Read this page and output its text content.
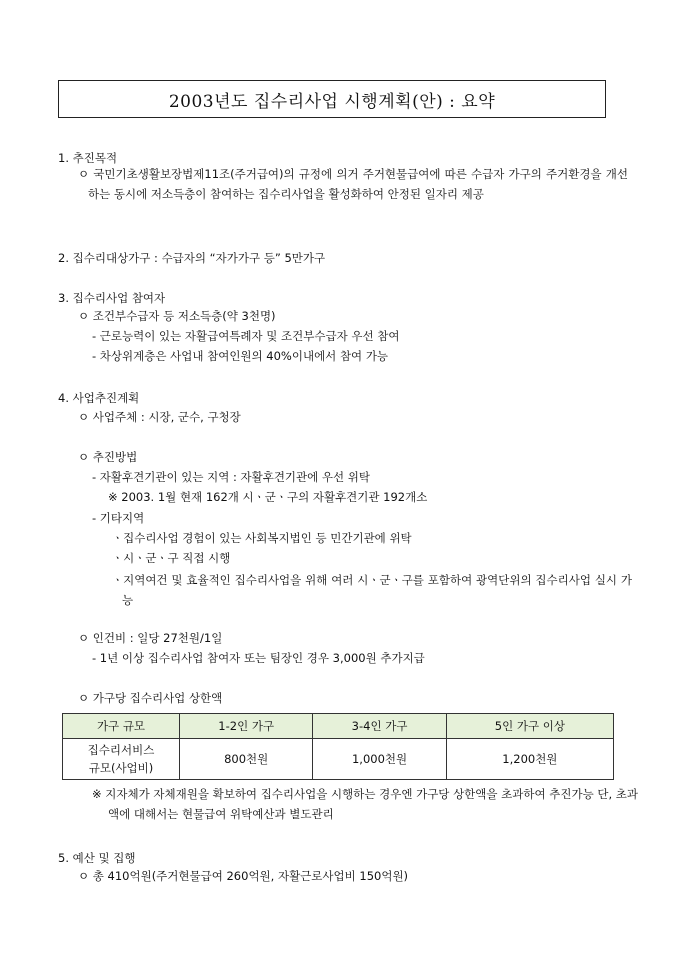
2003년도 집수리사업 시행계획(안) : 요약
1. 추진목적
ㅇ 국민기초생활보장법제11조(주거급여)의 규정에 의거 주거현물급여에 따른 수급자 가구의 주거환경을 개선하는 동시에 저소득층이 참여하는 집수리사업을 활성화하여 안정된 일자리 제공
2. 집수리대상가구 : 수급자의 “자가가구 등” 5만가구
3. 집수리사업 참여자
ㅇ 조건부수급자 등 저소득층(약 3천명)
- 근로능력이 있는 자활급여특례자 및 조건부수급자 우선 참여
- 차상위계층은 사업내 참여인원의 40%이내에서 참여 가능
4. 사업추진계획
ㅇ 사업주체 : 시장, 군수, 구청장
ㅇ 추진방법
- 자활후견기관이 있는 지역 : 자활후견기관에 우선 위탁
※ 2003. 1월 현재 162개 시ㆍ군ㆍ구의 자활후견기관 192개소
- 기타지역
ㆍ집수리사업 경험이 있는 사회복지법인 등 민간기관에 위탁
ㆍ시ㆍ군ㆍ구 직접 시행
ㆍ지역여건 및 효율적인 집수리사업을 위해 여러 시ㆍ군ㆍ구를 포함하여 광역단위의 집수리사업 실시 가능
ㅇ 인건비 : 일당 27천원/1일
- 1년 이상 집수리사업 참여자 또는 팀장인 경우 3,000원 추가지급
ㅇ 가구당 집수리사업 상한액
가구 규모	1-2인 가구	3-4인 가구	5인 가구 이상
집수리서비스
규모(사업비)	800천원	1,000천원	1,200천원
※ 지자체가 자체재원을 확보하여 집수리사업을 시행하는 경우엔 가구당 상한액을 초과하여 추진가능 단, 초과액에 대해서는 현물급여 위탁예산과 별도관리
5. 예산 및 집행
ㅇ 총 410억원(주거현물급여 260억원, 자활근로사업비 150억원)
